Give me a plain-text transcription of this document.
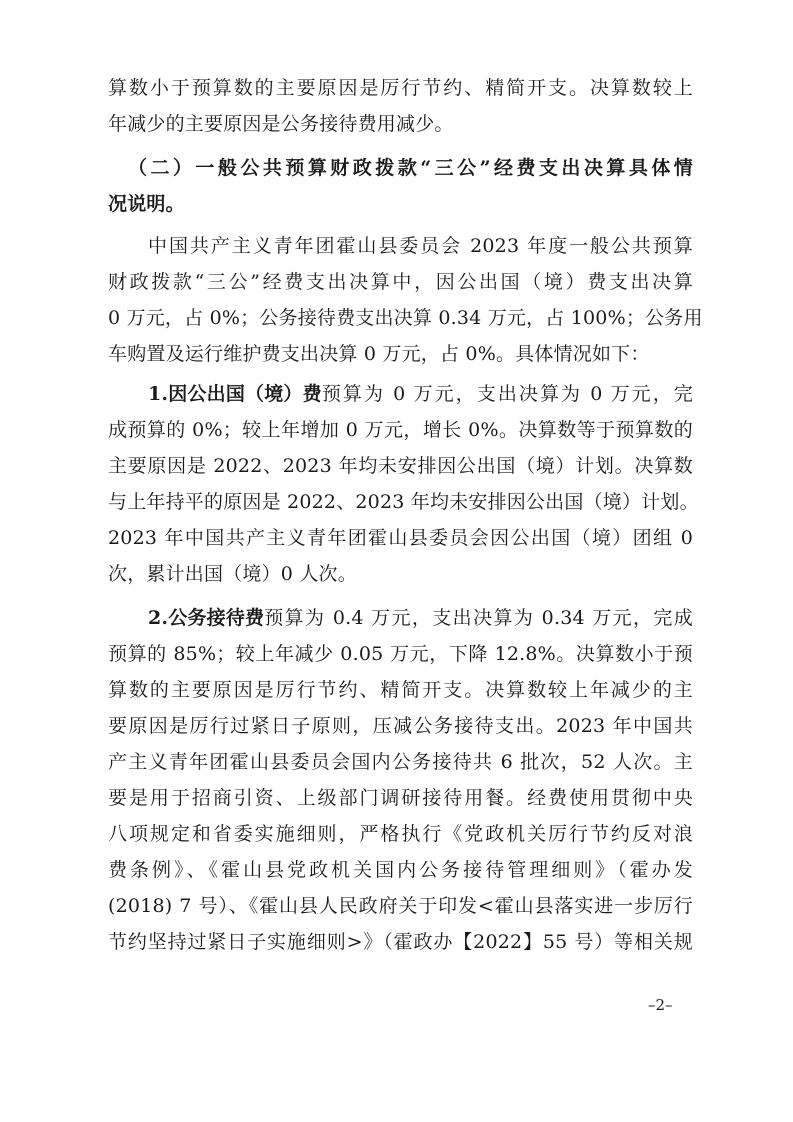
算数小于预算数的主要原因是厉行节约、精简开支。决算数较上
年减少的主要原因是公务接待费用减少。
（二）一般公共预算财政拨款“三公”经费支出决算具体情
况说明。
中国共产主义青年团霍山县委员会 2023 年度一般公共预算
财政拨款“三公”经费支出决算中，因公出国（境）费支出决算
0 万元，占 0%；公务接待费支出决算 0.34 万元，占 100%；公务用
车购置及运行维护费支出决算 0 万元，占 0%。具体情况如下：
1.因公出国（境）费 预算为 0 万元，支出决算为 0 万元，完
成预算的 0%；较上年增加 0 万元，增长 0%。决算数等于预算数的
主要原因是 2022、2023 年均未安排因公出国（境）计划。决算数
与上年持平的原因是 2022、2023 年均未安排因公出国（境）计划。
2023 年中国共产主义青年团霍山县委员会因公出国（境）团组 0
次，累计出国（境）0 人次。
2.公务接待费 预算为 0.4 万元，支出决算为 0.34 万元，完成
预算的 85%；较上年减少 0.05 万元，下降 12.8%。决算数小于预
算数的主要原因是厉行节约、精简开支。决算数较上年减少的主
要原因是厉行过紧日子原则，压减公务接待支出。2023 年中国共
产主义青年团霍山县委员会国内公务接待共 6 批次，52 人次。主
要是用于招商引资、上级部门调研接待用餐。经费使用贯彻中央
八项规定和省委实施细则，严格执行《党政机关厉行节约反对浪
费条例》、《霍山县党政机关国内公务接待管理细则》（霍办发
(2018) 7 号）、《霍山县人民政府关于印发<霍山县落实进一步厉行
节约坚持过紧日子实施细则>》（霍政办【2022】55 号）等相关规
–2–
